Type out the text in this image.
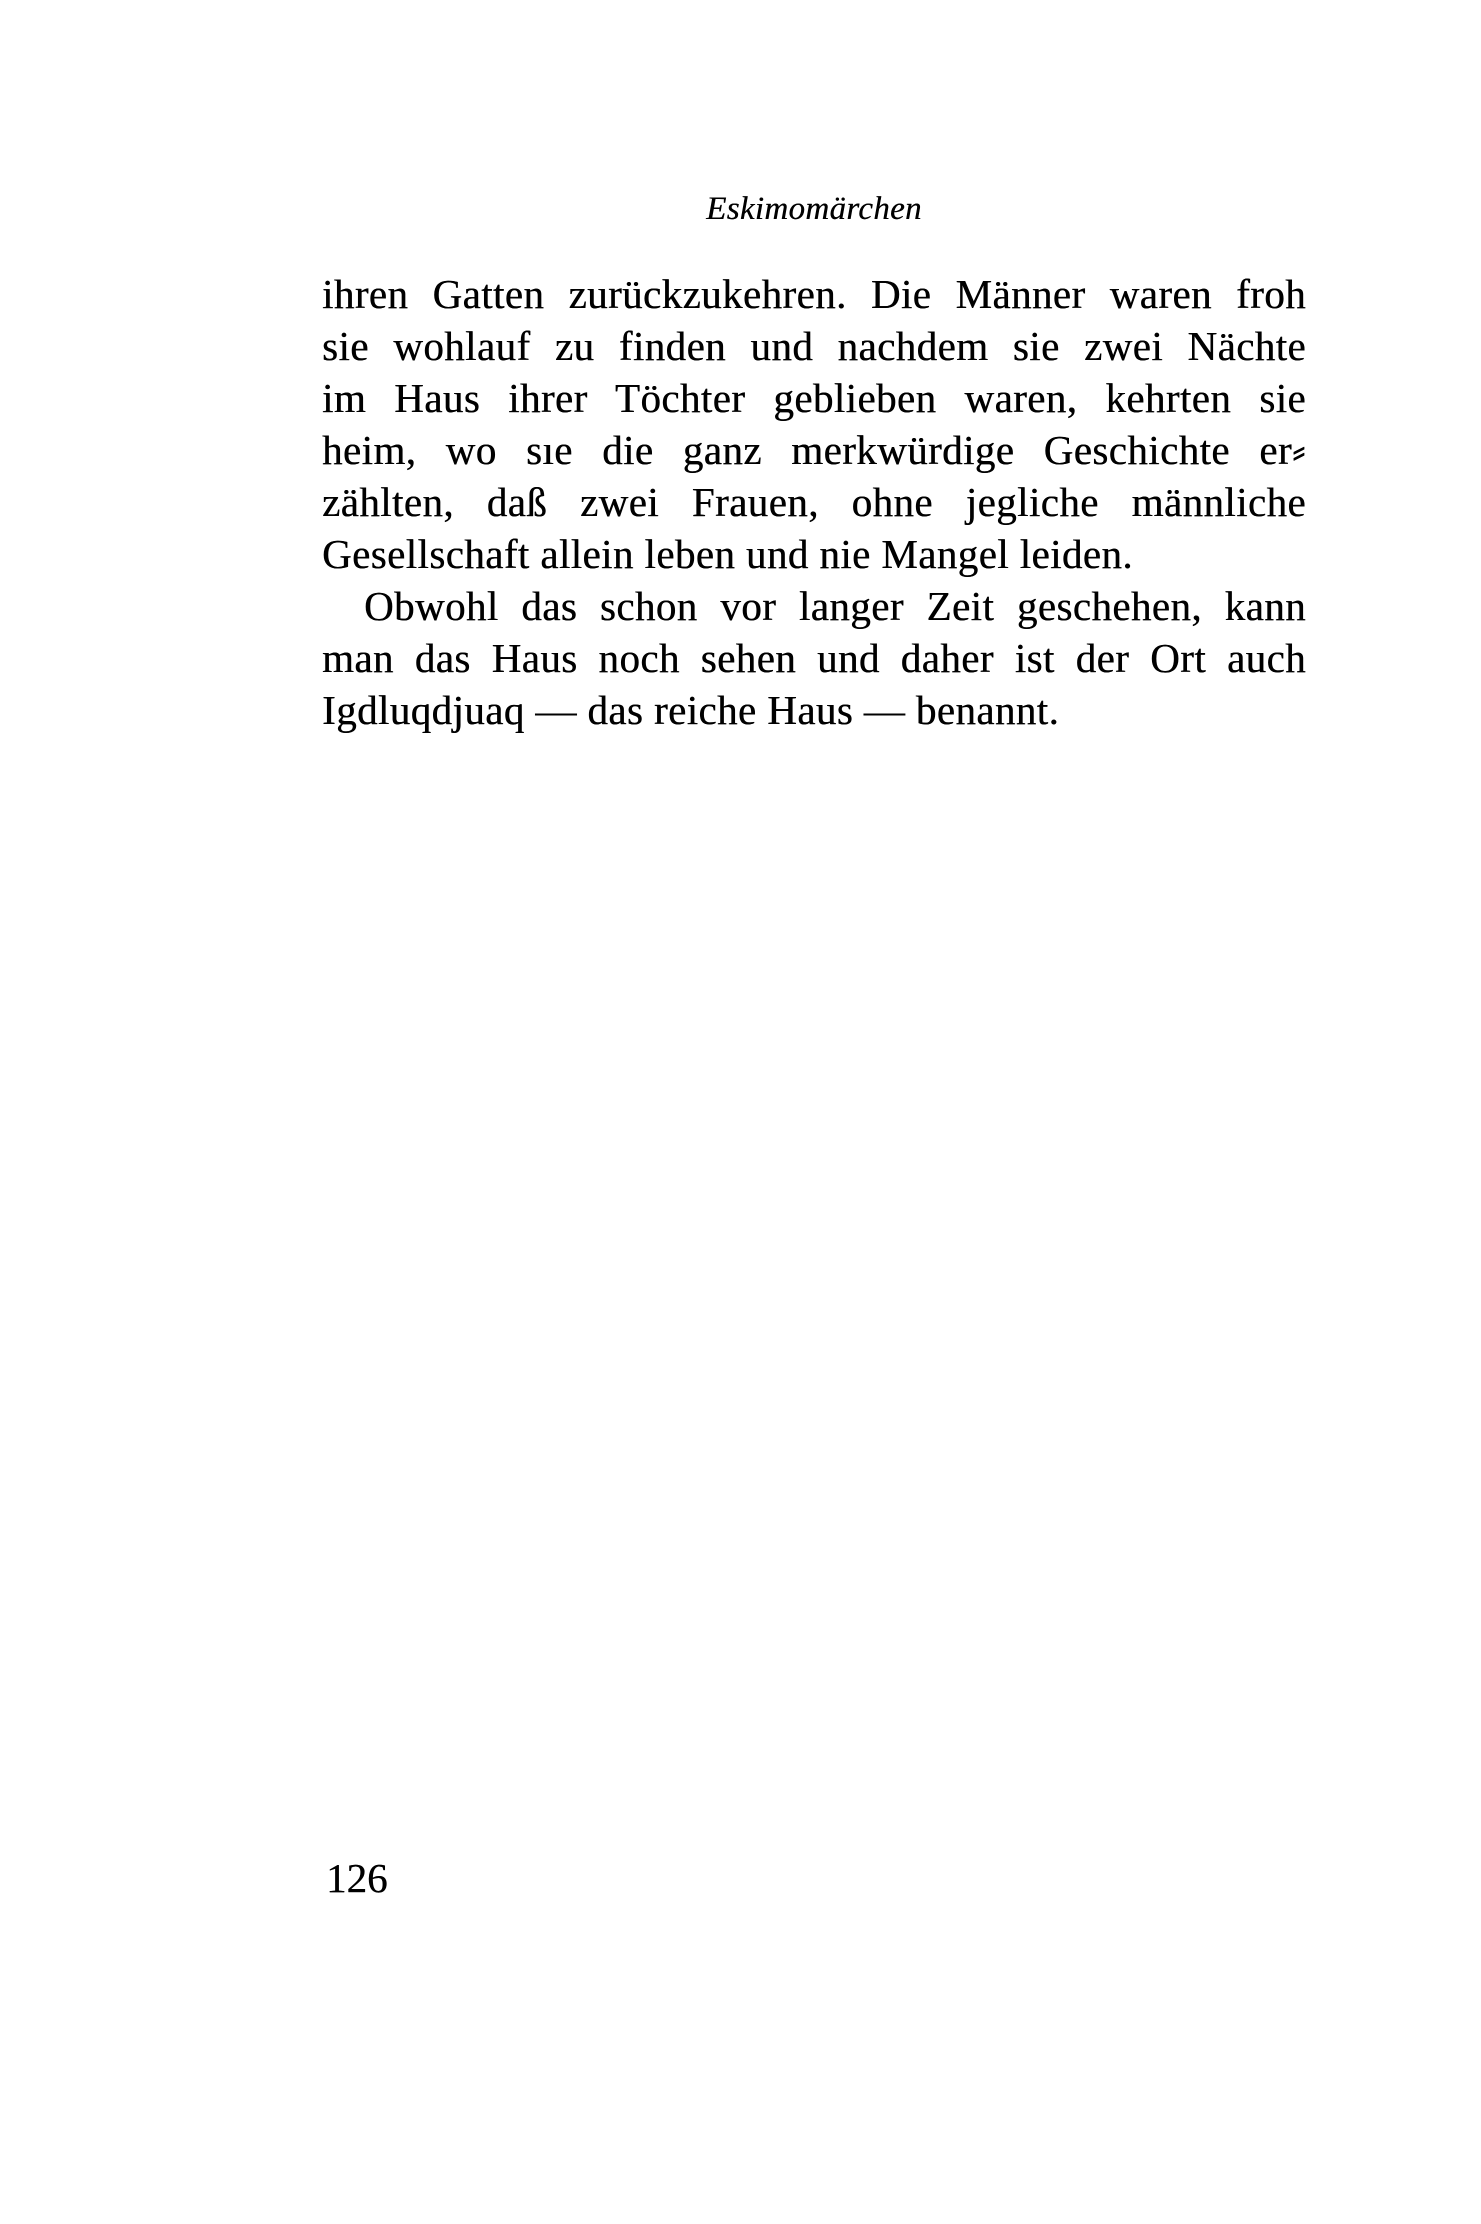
Eskimomärchen
ihren Gatten zurückzukehren. Die Männer waren froh
sie wohlauf zu finden und nachdem sie zwei Nächte
im Haus ihrer Töchter geblieben waren, kehrten sie
heim, wo sıe die ganz merkwürdige Geschichte er⸗
zählten, daß zwei Frauen, ohne jegliche männliche
Gesellschaft allein leben und nie Mangel leiden.
Obwohl das schon vor langer Zeit geschehen, kann
man das Haus noch sehen und daher ist der Ort auch
Igdluqdjuaq — das reiche Haus — benannt.
126
